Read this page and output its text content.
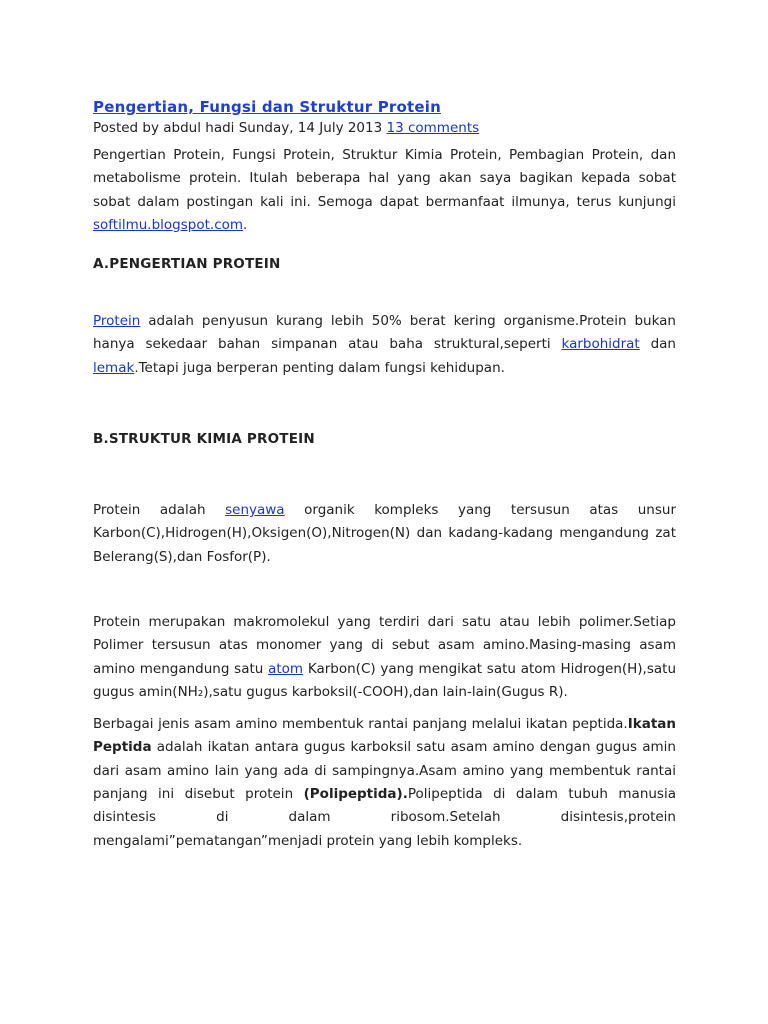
Pengertian, Fungsi dan Struktur Protein
Posted by abdul hadi Sunday, 14 July 2013 13 comments

Pengertian Protein, Fungsi Protein, Struktur Kimia Protein, Pembagian Protein, dan metabolisme protein. Itulah beberapa hal yang akan saya bagikan kepada sobat sobat dalam postingan kali ini. Semoga dapat bermanfaat ilmunya, terus kunjungi softilmu.blogspot.com.

A.PENGERTIAN PROTEIN

Protein adalah penyusun kurang lebih 50% berat kering organisme.Protein bukan hanya sekedaar bahan simpanan atau baha struktural,seperti karbohidrat dan lemak.Tetapi juga berperan penting dalam fungsi kehidupan.

B.STRUKTUR KIMIA PROTEIN

Protein adalah senyawa organik kompleks yang tersusun atas unsur Karbon(C),Hidrogen(H),Oksigen(O),Nitrogen(N) dan kadang-kadang mengandung zat Belerang(S),dan Fosfor(P).

Protein merupakan makromolekul yang terdiri dari satu atau lebih polimer.Setiap Polimer tersusun atas monomer yang di sebut asam amino.Masing-masing asam amino mengandung satu atom Karbon(C) yang mengikat satu atom Hidrogen(H),satu gugus amin(NH₂),satu gugus karboksil(-COOH),dan lain-lain(Gugus R).

Berbagai jenis asam amino membentuk rantai panjang melalui ikatan peptida.Ikatan Peptida adalah ikatan antara gugus karboksil satu asam amino dengan gugus amin dari asam amino lain yang ada di sampingnya.Asam amino yang membentuk rantai panjang ini disebut protein (Polipeptida).Polipeptida di dalam tubuh manusia disintesis di dalam ribosom.Setelah disintesis,protein mengalami”pematangan”menjadi protein yang lebih kompleks.
